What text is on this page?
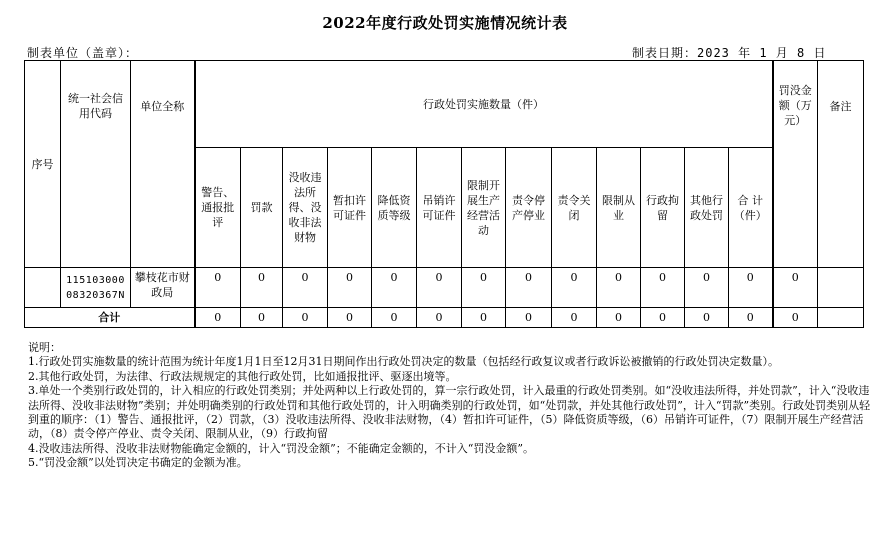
2022年度行政处罚实施情况统计表
制表单位（盖章）：	制表日期：2023 年 1 月 8 日
序号	统一社会信用代码	单位全称	行政处罚实施数量（件）													罚没金额（万元）	备注
			警告、通报批评	罚款	没收违法所得、没收非法财物	暂扣许可证件	降低资质等级	吊销许可证件	限制开展生产经营活动	责令停产停业	责令关闭	限制从业	行政拘留	其他行政处罚	合 计（件）		
	115103000 08320367N	攀枝花市财政局	0	0	0	0	0	0	0	0	0	0	0	0	0	0	
合计			0	0	0	0	0	0	0	0	0	0	0	0	0	0	

说明：

1.行政处罚实施数量的统计范围为统计年度1月1日至12月31日期间作出行政处罚决定的数量（包括经行政复议或者行政诉讼被撤销的行政处罚决定数量）。

2.其他行政处罚，为法律、行政法规规定的其他行政处罚，比如通报批评、驱逐出境等。

3.单处一个类别行政处罚的，计入相应的行政处罚类别；并处两种以上行政处罚的，算一宗行政处罚，计入最重的行政处罚类别。如“没收违法所得，并处罚款”，计入“没收违法所得、没收非法财物”类别；并处明确类别的行政处罚和其他行政处罚的，计入明确类别的行政处罚，如“处罚款，并处其他行政处罚”，计入“罚款”类别。行政处罚类别从轻到重的顺序：（1）警告、通报批评，（2）罚款，（3）没收违法所得、没收非法财物，（4）暂扣许可证件，（5）降低资质等级，（6）吊销许可证件，（7）限制开展生产经营活动，（8）责令停产停业、责令关闭、限制从业，（9）行政拘留

4.没收违法所得、没收非法财物能确定金额的，计入“罚没金额”；不能确定金额的，不计入“罚没金额”。

5.“罚没金额”以处罚决定书确定的金额为准。
